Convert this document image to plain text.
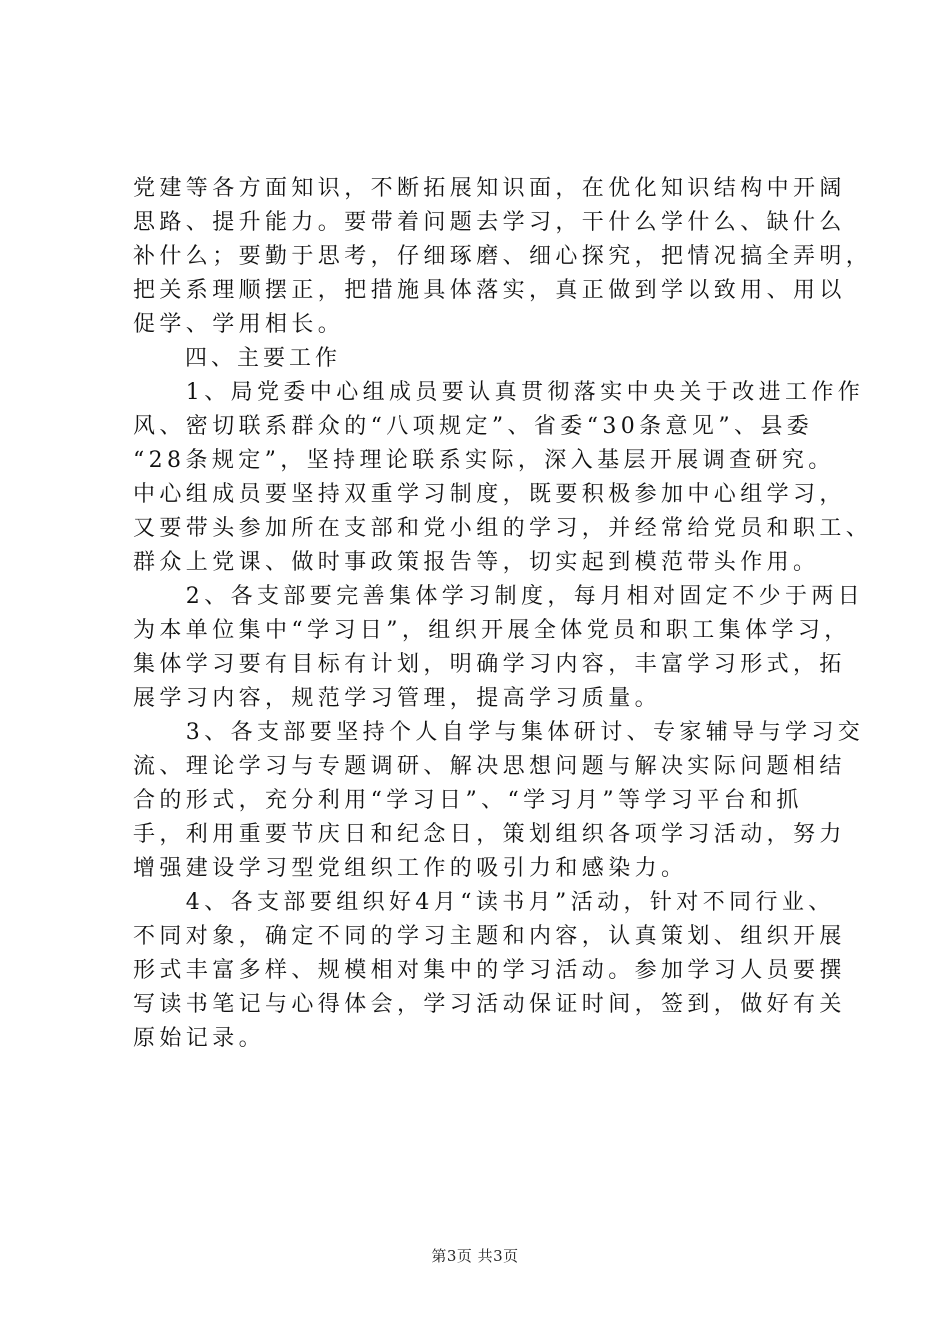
党建等各方面知识，不断拓展知识面，在优化知识结构中开阔
思路、提升能力。要带着问题去学习，干什么学什么、缺什么
补什么；要勤于思考，仔细琢磨、细心探究，把情况搞全弄明，
把关系理顺摆正，把措施具体落实，真正做到学以致用、用以
促学、学用相长。
　　四、主要工作
　　1、局党委中心组成员要认真贯彻落实中央关于改进工作作
风、密切联系群众的“八项规定”、省委“30条意见”、县委
“28条规定”，坚持理论联系实际，深入基层开展调查研究。
中心组成员要坚持双重学习制度，既要积极参加中心组学习，
又要带头参加所在支部和党小组的学习，并经常给党员和职工、
群众上党课、做时事政策报告等，切实起到模范带头作用。
　　2、各支部要完善集体学习制度，每月相对固定不少于两日
为本单位集中“学习日”，组织开展全体党员和职工集体学习，
集体学习要有目标有计划，明确学习内容，丰富学习形式，拓
展学习内容，规范学习管理，提高学习质量。
　　3、各支部要坚持个人自学与集体研讨、专家辅导与学习交
流、理论学习与专题调研、解决思想问题与解决实际问题相结
合的形式，充分利用“学习日”、“学习月”等学习平台和抓
手，利用重要节庆日和纪念日，策划组织各项学习活动，努力
增强建设学习型党组织工作的吸引力和感染力。
　　4、各支部要组织好4月“读书月”活动，针对不同行业、
不同对象，确定不同的学习主题和内容，认真策划、组织开展
形式丰富多样、规模相对集中的学习活动。参加学习人员要撰
写读书笔记与心得体会，学习活动保证时间，签到，做好有关
原始记录。
第3页 共3页
